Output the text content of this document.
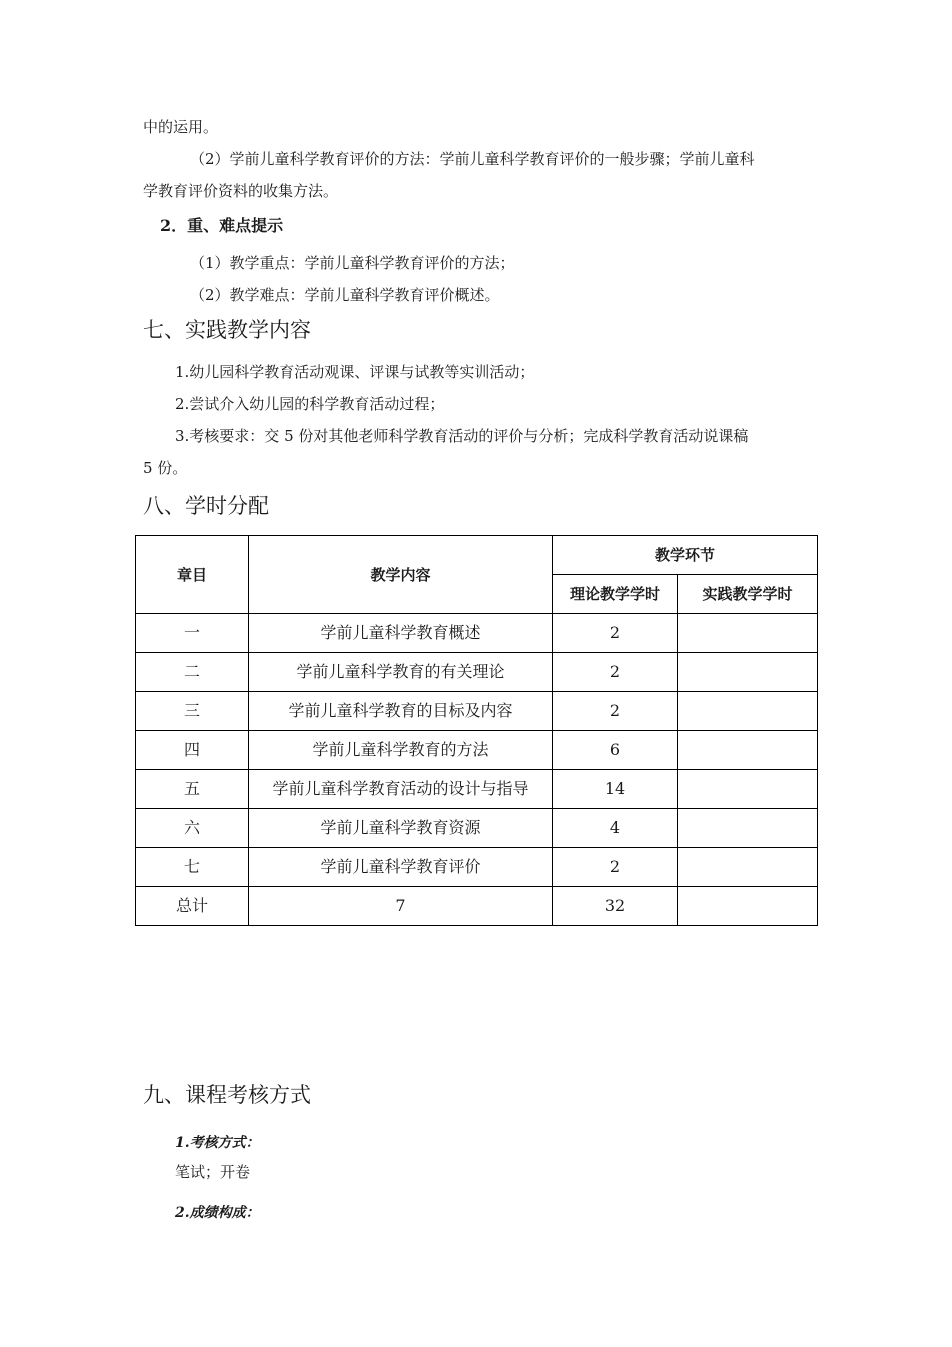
中的运用。
（2）学前儿童科学教育评价的方法：学前儿童科学教育评价的一般步骤；学前儿童科
学教育评价资料的收集方法。
2．重、难点提示
（1）教学重点：学前儿童科学教育评价的方法；
（2）教学难点：学前儿童科学教育评价概述。
七、实践教学内容
1.幼儿园科学教育活动观课、评课与试教等实训活动；
2.尝试介入幼儿园的科学教育活动过程；
3.考核要求：交 5 份对其他老师科学教育活动的评价与分析；完成科学教育活动说课稿
5 份。
八、学时分配
章目	教学内容	教学环节	
		理论教学学时	实践教学学时
一	学前儿童科学教育概述	2	
二	学前儿童科学教育的有关理论	2	
三	学前儿童科学教育的目标及内容	2	
四	学前儿童科学教育的方法	6	
五	学前儿童科学教育活动的设计与指导	14	
六	学前儿童科学教育资源	4	
七	学前儿童科学教育评价	2	
总计	7	32	
九、课程考核方式
1.考核方式：
笔试；开卷
2.成绩构成：
